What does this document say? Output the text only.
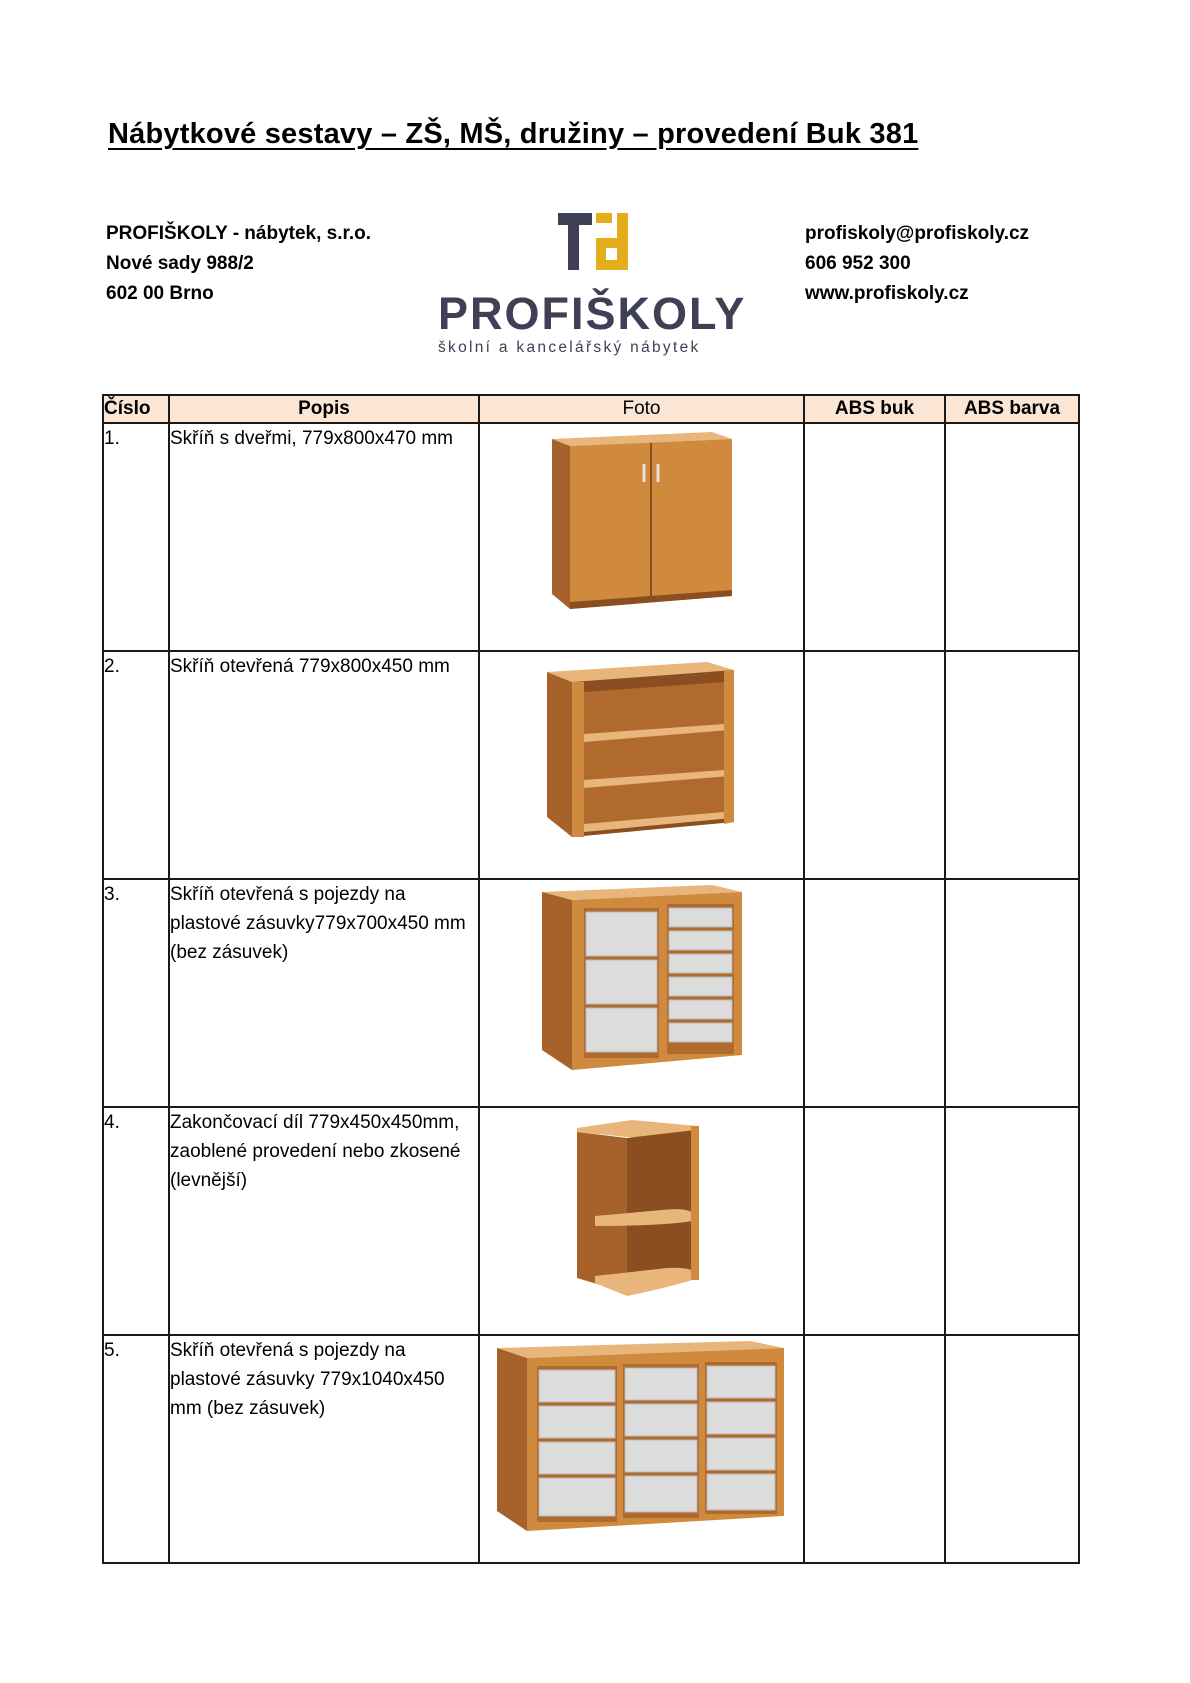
Nábytkové sestavy – ZŠ, MŠ, družiny – provedení Buk 381
PROFIŠKOLY - nábytek, s.r.o.
Nové sady 988/2
602 00 Brno	PROFIŠKOLY
školní a kancelářský nábytek
profiskoly@profiskoly.cz
606 952 300
www.profiskoly.cz
Číslo	Popis	Foto	ABS buk	ABS barva
1.	Skříň s dveřmi, 779x800x470 mm	

2.	Skříň otevřená 779x800x450 mm	

3.	Skříň otevřená s pojezdy na plastové zásuvky779x700x450 mm (bez zásuvek)	

4.	Zakončovací díl 779x450x450mm, zaoblené provedení nebo zkosené (levnější)	

5.	Skříň otevřená s pojezdy na plastové zásuvky 779x1040x450 mm (bez zásuvek)	
